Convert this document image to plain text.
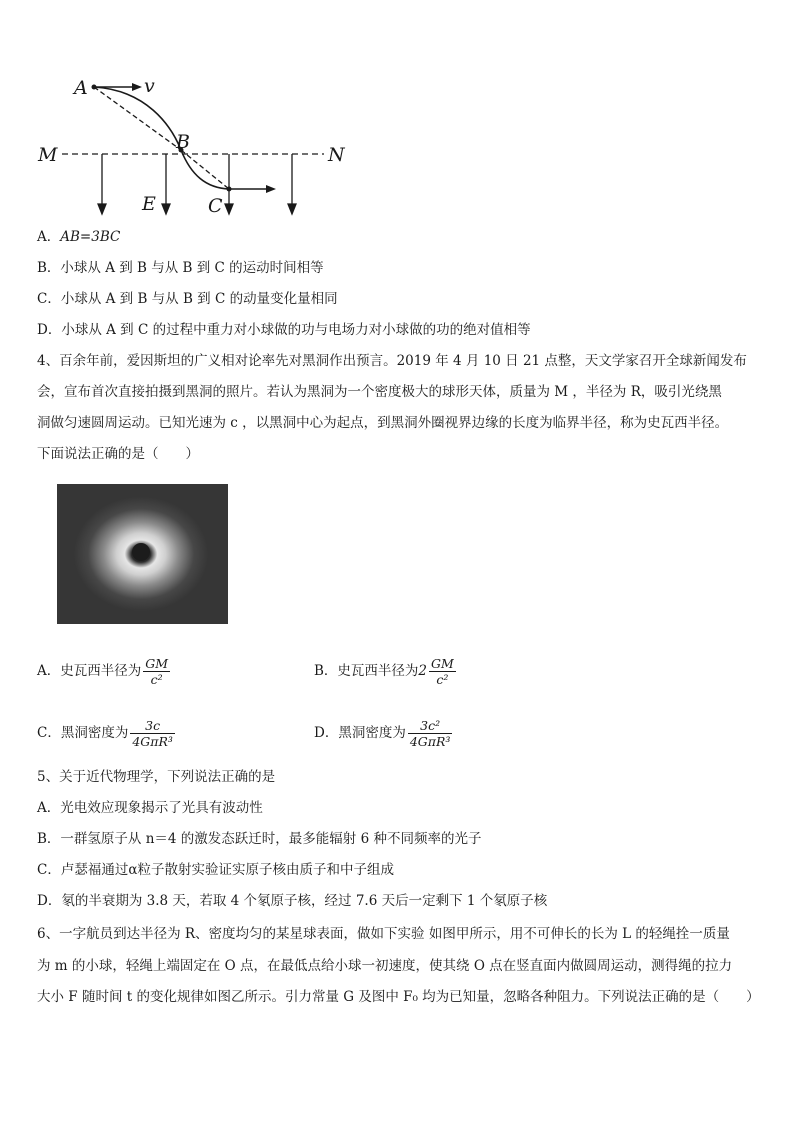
A	v
B
M	N
E	C
A．AB=3BC
B．小球从 A 到 B 与从 B 到 C 的运动时间相等
C．小球从 A 到 B 与从 B 到 C 的动量变化量相同
D．小球从 A 到 C 的过程中重力对小球做的功与电场力对小球做的功的绝对值相等
4、百余年前，爱因斯坦的广义相对论率先对黑洞作出预言。2019 年 4 月 10 日 21 点整，天文学家召开全球新闻发布
会，宣布首次直接拍摄到黑洞的照片。若认为黑洞为一个密度极大的球形天体，质量为 M ，半径为 R，吸引光绕黑
洞做匀速圆周运动。已知光速为 c ，以黑洞中心为起点，到黑洞外圈视界边缘的长度为临界半径，称为史瓦西半径。
下面说法正确的是（　　）
A．史瓦西半径为 $\frac{GM}{\text{c²}}$	B．史瓦西半径为$2 \frac{GM}{\text{c²}}$
C．黑洞密度为 $\frac{3c}{\text{4GπR³}}$	D．黑洞密度为 $\frac{\text{3c²}}{\text{4GπR³}}$
5、关于近代物理学，下列说法正确的是
A．光电效应现象揭示了光具有波动性
B．一群氢原子从 n＝4 的激发态跃迁时，最多能辐射 6 种不同频率的光子
C．卢瑟福通过α粒子散射实验证实原子核由质子和中子组成
D．氡的半衰期为 3.8 天，若取 4 个氡原子核，经过 7.6 天后一定剩下 1 个氡原子核
6、一字航员到达半径为 R、密度均匀的某星球表面，做如下实验 如图甲所示，用不可伸长的长为 L 的轻绳拴一质量
为 m 的小球，轻绳上端固定在 O 点，在最低点给小球一初速度，使其绕 O 点在竖直面内做圆周运动，测得绳的拉力
大小 F 随时间 t 的变化规律如图乙所示。引力常量 G 及图中 F₀ 均为已知量，忽略各种阻力。下列说法正确的是（　　）
